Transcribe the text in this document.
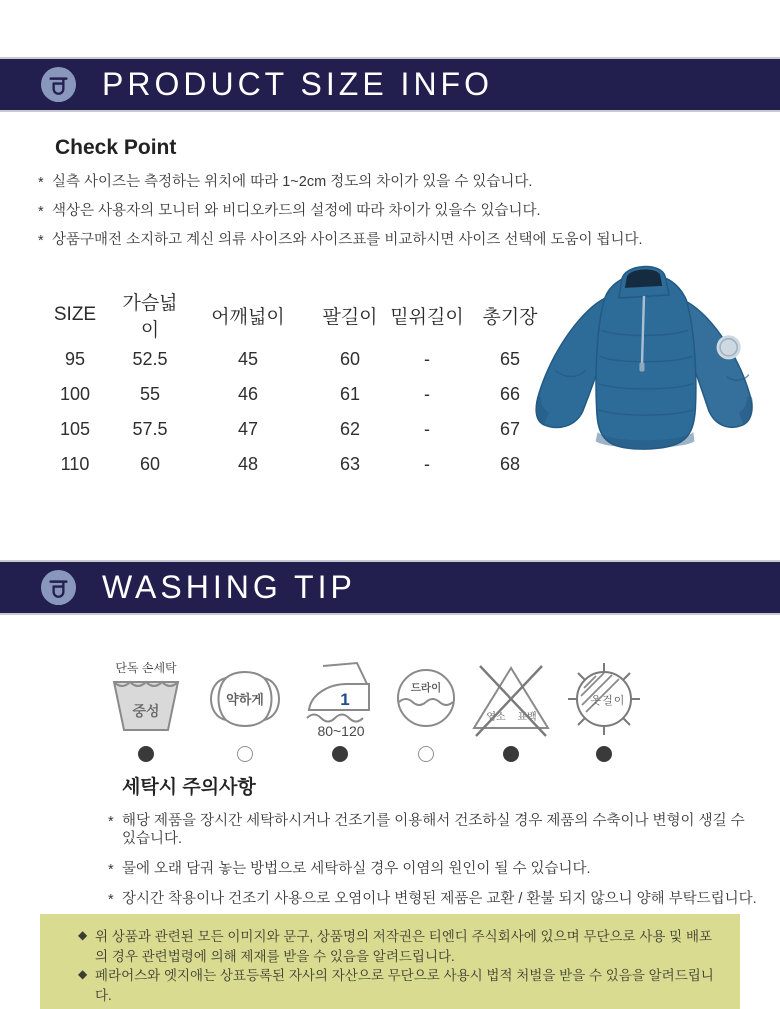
PRODUCT SIZE INFO
Check Point
* 실측 사이즈는 측정하는 위치에 따라 1~2cm 정도의 차이가 있을 수 있습니다.
* 색상은 사용자의 모니터 와 비디오카드의 설정에 따라 차이가 있을수 있습니다.
* 상품구매전 소지하고 계신 의류 사이즈와 사이즈표를 비교하시면 사이즈 선택에 도움이 됩니다.
SIZE	가슴넓이	어깨넓이	팔길이	밑위길이	총기장
95	52.5	45	60	-	65
100	55	46	61	-	66
105	57.5	47	62	-	67
110	60	48	63	-	68
WASHING TIP
단독 손세탁
중성
약하게	1
80~120
드라이
염소 표백
옷걸이
세탁시 주의사항
* 해당 제품을 장시간 세탁하시거나 건조기를 이용해서 건조하실 경우 제품의 수축이나 변형이 생길 수 있습니다.
* 물에 오래 담궈 놓는 방법으로 세탁하실 경우 이염의 원인이 될 수 있습니다.
* 장시간 착용이나 건조기 사용으로 오염이나 변형된 제품은 교환 / 환불 되지 않으니 양해 부탁드립니다.
◆ 위 상품과 관련된 모든 이미지와 문구, 상품명의 저작권은 티엔디 주식회사에 있으며 무단으로 사용 및 배포의 경우 관련법령에 의해 제재를 받을 수 있음을 알려드립니다.
◆ 페라어스와 엣지애는 상표등록된 자사의 자산으로 무단으로 사용시 법적 처벌을 받을 수 있음을 알려드립니다.
